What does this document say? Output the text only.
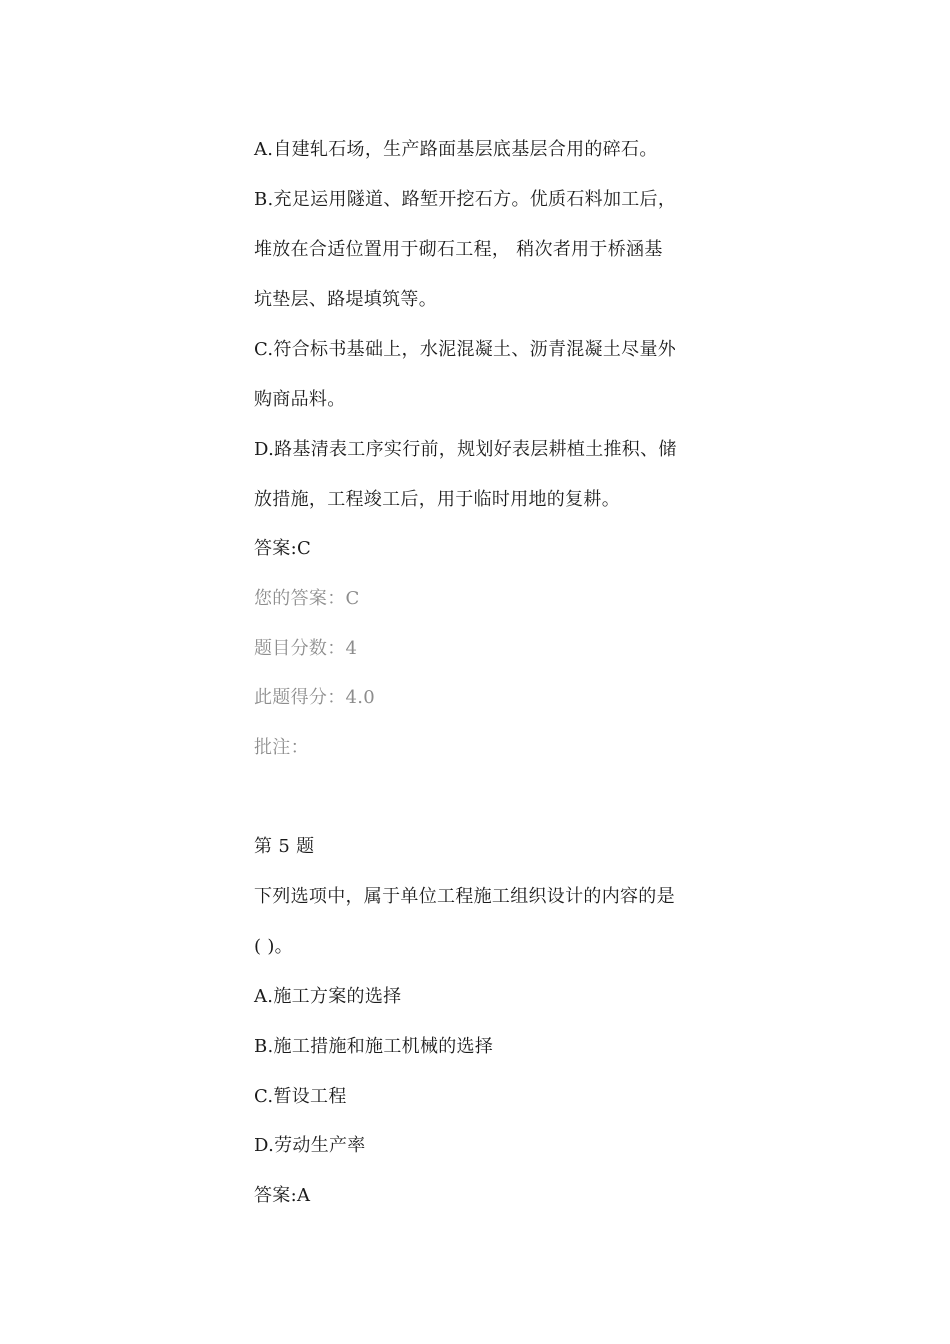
A.自建轧石场，生产路面基层底基层合用的碎石。
B.充足运用隧道、路堑开挖石方。优质石料加工后，
堆放在合适位置用于砌石工程， 稍次者用于桥涵基
坑垫层、路堤填筑等。
C.符合标书基础上，水泥混凝土、沥青混凝土尽量外
购商品料。
D.路基清表工序实行前，规划好表层耕植土推积、储
放措施，工程竣工后，用于临时用地的复耕。
答案:C
您的答案：C
题目分数：4
此题得分：4.0
批注：
第 5 题
下列选项中，属于单位工程施工组织设计的内容的是
( )。
A.施工方案的选择
B.施工措施和施工机械的选择
C.暂设工程
D.劳动生产率
答案:A
